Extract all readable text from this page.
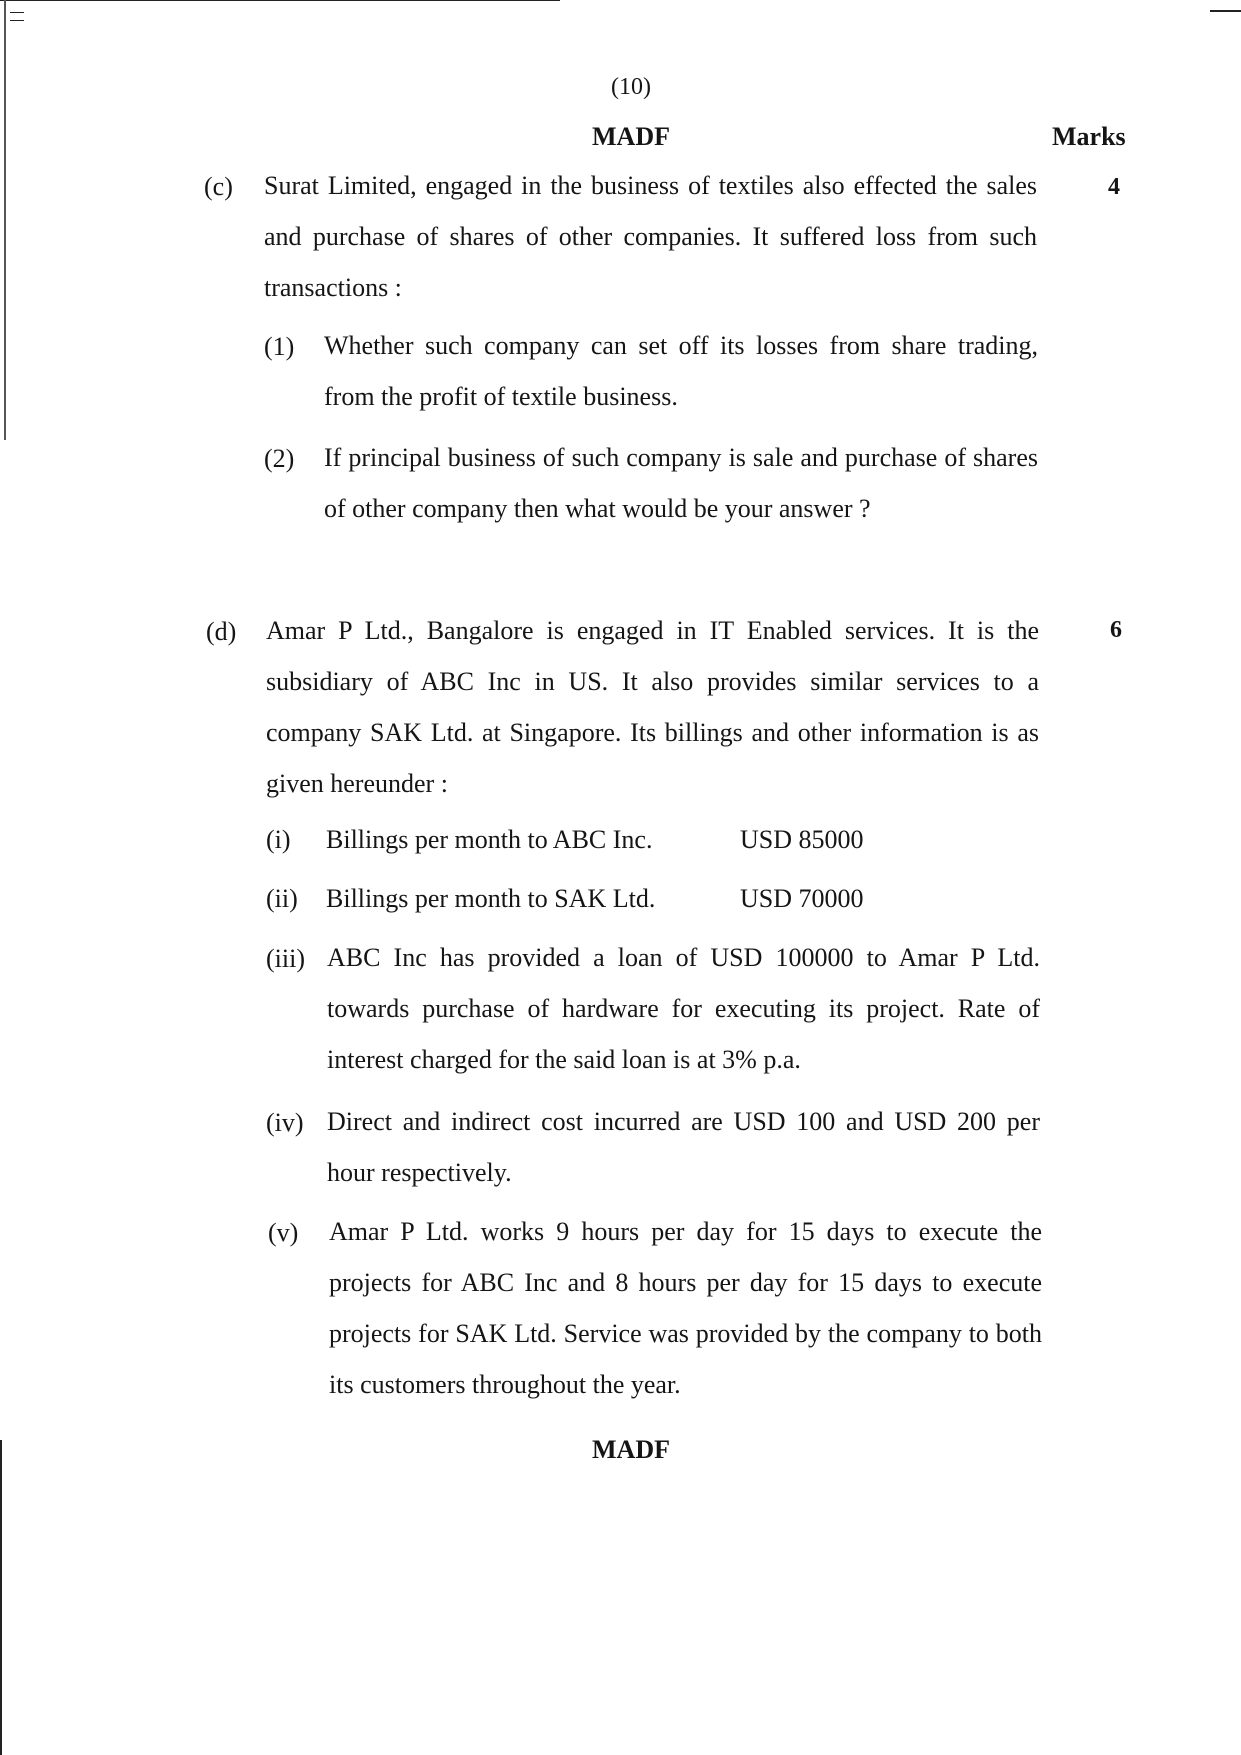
(10)
MADF	Marks
(c)	4
Surat Limited, engaged in the business of textiles also effected the sales and purchase of shares of other companies. It suffered loss from such transactions :
(1) Whether such company can set off its losses from share trading, from the profit of textile business.
(2) If principal business of such company is sale and purchase of shares of other company then what would be your answer ?
(d)	6
Amar P Ltd., Bangalore is engaged in IT Enabled services. It is the subsidiary of ABC Inc in US. It also provides similar services to a company SAK Ltd. at Singapore. Its billings and other information is as given hereunder :
(i) Billings per month to ABC Inc.	USD 85000
(ii) Billings per month to SAK Ltd.	USD 70000
(iii) ABC Inc has provided a loan of USD 100000 to Amar P Ltd. towards purchase of hardware for executing its project. Rate of interest charged for the said loan is at 3% p.a.
(iv) Direct and indirect cost incurred are USD 100 and USD 200 per hour respectively.
(v) Amar P Ltd. works 9 hours per day for 15 days to execute the projects for ABC Inc and 8 hours per day for 15 days to execute projects for SAK Ltd. Service was provided by the company to both its customers throughout the year.
MADF
